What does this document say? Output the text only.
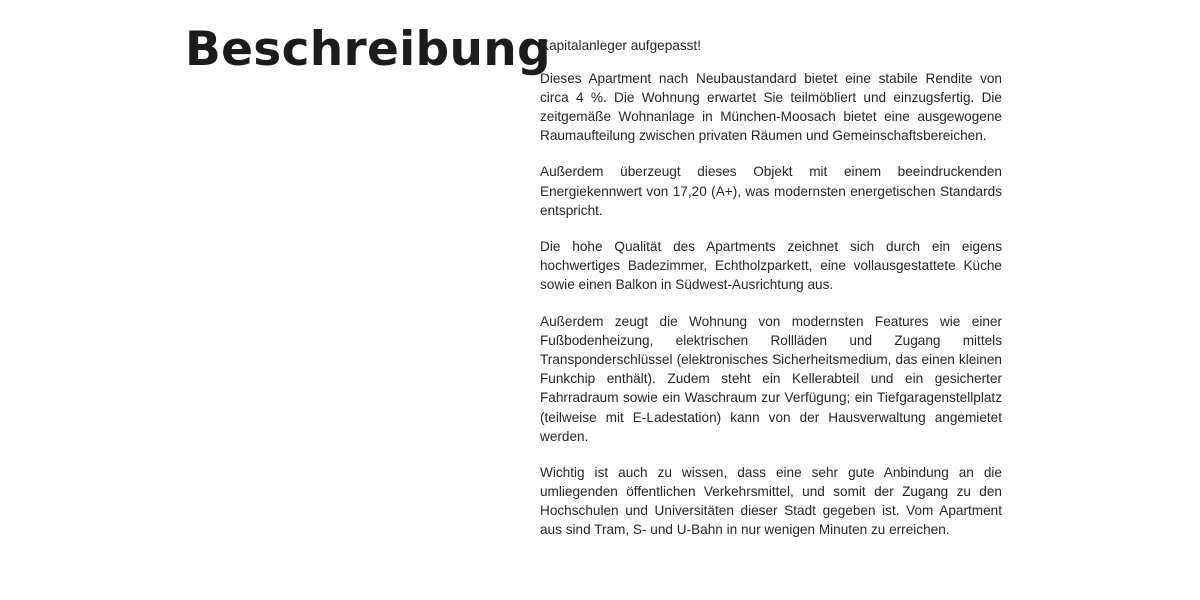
Beschreibung

Kapitalanleger aufgepasst!

Dieses Apartment nach Neubaustandard bietet eine stabile Rendite von circa 4 %. Die Wohnung erwartet Sie teilmöbliert und einzugsfertig. Die zeitgemäße Wohnanlage in München-Moosach bietet eine ausgewogene Raumaufteilung zwischen privaten Räumen und Gemeinschaftsbereichen.

Außerdem überzeugt dieses Objekt mit einem beeindruckenden Energiekennwert von 17,20 (A+), was modernsten energetischen Standards entspricht.

Die hohe Qualität des Apartments zeichnet sich durch ein eigens hochwertiges Badezimmer, Echtholzparkett, eine vollausgestattete Küche sowie einen Balkon in Südwest-Ausrichtung aus.

Außerdem zeugt die Wohnung von modernsten Features wie einer Fußbodenheizung, elektrischen Rollläden und Zugang mittels Transponderschlüssel (elektronisches Sicherheitsmedium, das einen kleinen Funkchip enthält). Zudem steht ein Kellerabteil und ein gesicherter Fahrradraum sowie ein Waschraum zur Verfügung; ein Tiefgaragenstellplatz (teilweise mit E-Ladestation) kann von der Hausverwaltung angemietet werden.

Wichtig ist auch zu wissen, dass eine sehr gute Anbindung an die umliegenden öffentlichen Verkehrsmittel, und somit der Zugang zu den Hochschulen und Universitäten dieser Stadt gegeben ist. Vom Apartment aus sind Tram, S- und U-Bahn in nur wenigen Minuten zu erreichen.
